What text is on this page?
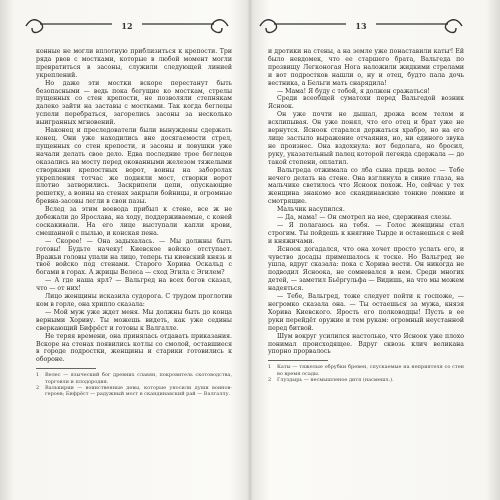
12	13

конные не могли вплотную приблизиться к крепости. Три ряда рвов с мостками, которые в любой момент могли превратиться в засоны, служили следующей линией укреплений.

Но даже эти мостки вскоре перестанут быть безопасными — ведь пока бегущие ко мосткам, стрелы пущенных со стен крепости, не позволяли степнякам далеко зайти на заставы с мостками. Так когда беглецы успели перебраться, загорелись засоны за несколько выигранных мгновений.

Наконец и преследователи были вынуждены сдержать конец. Они уже находились вне досягаемости стрел, пущенных со стен крепости, и засоны и ловушки уже начали делать свое дело. Едва последние трое беглецов оказались на мосту перед окованными железом тяжелыми створками крепостных ворот, воины на заборолах укрепления тотчас же подняли мост, створки ворот плотно затворились. Заскрипели цепи, опускающие решетку, а воины на стенах закрыли бойницы, и огромные бревна-засовы легли в свои пазы.

Вслед за этим воевода прибыл к стене, все ж не добежали до Ярослава, на ходу, поддерживаемые, с коней соскакивали. На его лице выступали капли крови, смешанной с пылью, и конская пена.

— Скорее! — Она задыхалась. — Мы должны быть готовы! Будьте начеку! Киевское войско отступает. Вражьи головы упали на лицо, теперь ты киевский князь и твоё войско под стенами. Старого Хорива Оскальд с богами в горах. А жрицы Велеса — сход Эгила с Эгилем?

— А где наша ярл? — Вальгред на всех богов сказал, что — от них!

Лицо женщины исказила судорога. С трудом проглотив ком в горле, она хрипло сказала:

— Мой муж уже ждет меня. Мы должны быть до конца верными Хориву. Ты можешь видеть, как уже седины сверкающий Бифрёст и готовы к Валгалле.

Не теряя времени, она принялась отдавать приказания. Вскоре на стенах появились котлы со смолой, оставшиеся в городе подростки, женщины и старики готовились к обороне.

1 Велес — языческий бог древних славян, покровитель скотоводства, торговли и плодородия.

2 Валькирии — воинственные девы, которые уносили души воинов-героев; Бифрёст — радужный мост в скандинавский рай — Валгаллу.

и дротики на стены, а на земле уже понаставили катыⁱ! Ей было невдомек, что ее старшего брата, Вальгеда по прозвищу Легконогая Нога наложили жидкими стрелами и вот подростков нашли о, ну и отец, будто пала дочь вестника, а Бельги мать снарядила!

— Мама! Я буду с тобой, я должен сражаться!

Среди всеобщей суматохи перед Вальгедой возник Ясноок.

Он уже почти не дышал, дрожа всем телом и всхлипывая. Он уже понял, что его отец и брат уже не вернутся. Ясноок старался держаться храбро, но на его лице застыло выражение отчаяния, но, ни единого звука не произнес. Она вздохнула: вот бедолага, но бросил, руку, указательный палец которой легенда сдержала — до такой степени, оплатил.

Вальгреда отжимала со лба сына прядь волос — Тебе нечего делать на стене. Она взглянула в синие глаза, на мальчике светилось что Ясноок похож. Но, сейчас у тех женщина знакомо все скандинавские тонкие ломкие и смотрящие.

Мальчик насупился.

— Да, мама! — Он смотрел на нее, сдерживая слезы.

— Я полагаюсь на тебя. — Голос женщины стал строгим. Ты пойдешь к княгине Тырде и останешься с ней и княжичами.

Ясноок догадался, что она хочет просто услать его, и чувство досады примешалось к тоске. Но Вальгред не ушла, вдруг сказала: пока с Хорива вести. Он никогда не подводил Ясноока, не сомневался в нем. Среди многих детей, — заметил Бьёргульфа — Видишь, на что мы можем надеяться.

— Тебе, Вальгред, тоже следует пойти к госпоже, — негромко сказала она. — Ты остаешься за мужа, князя Хорива Киевского. Ярость его полководцы! Пусть в ее руки перейдёт оружие и тем рукам: огромный неустанной перед битвой.

Шум вокруг усилился настолько, что Ясноок уже плохо понимал происходящее. Вдруг сквозь клич великана упорно прорвалось

1 Каты — тяжелые обрубки бревен, спускаемые на неприятеля со стен во время осады.

2 Глуздырь — несмышленое дитя (насмешл.).
